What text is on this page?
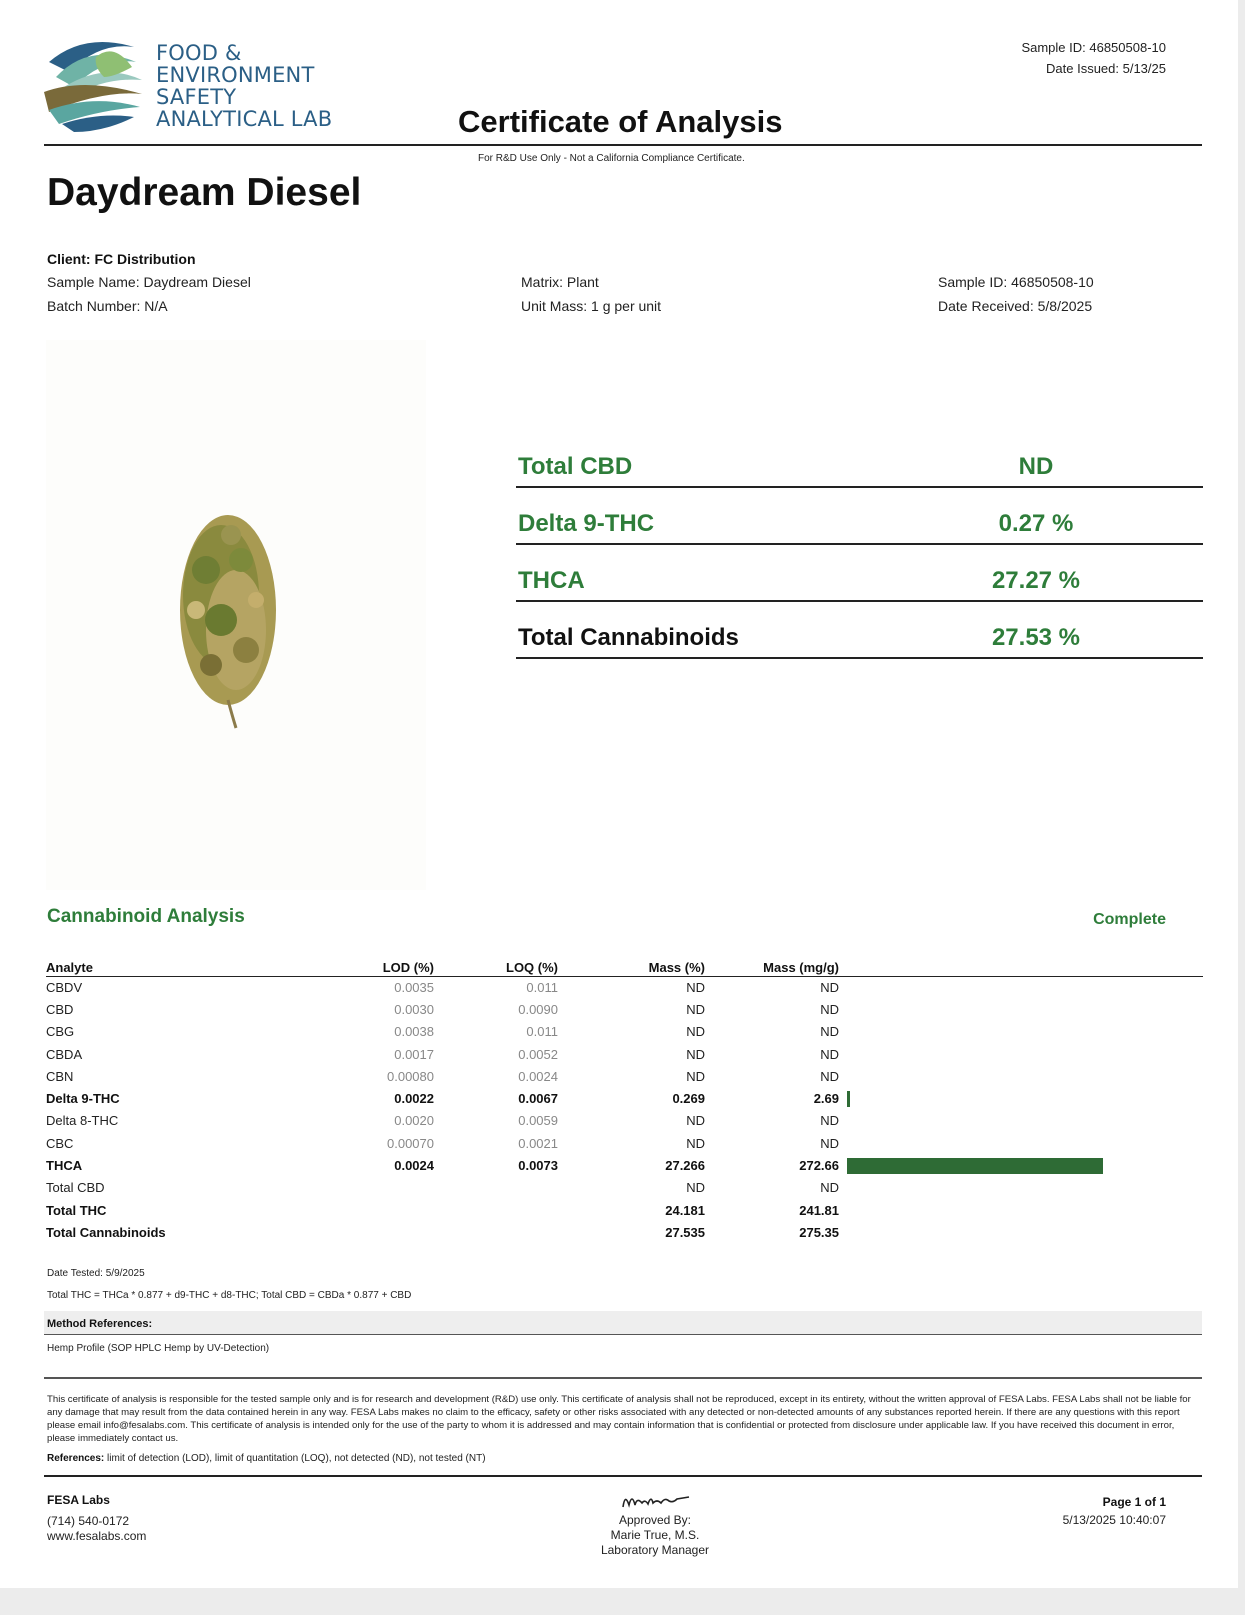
FOOD &
ENVIRONMENT
SAFETY
ANALYTICAL LAB
Sample ID: 46850508-10
Date Issued: 5/13/25
Certificate of Analysis
For R&D Use Only - Not a California Compliance Certificate.
Daydream Diesel
Client: FC Distribution
Sample Name: Daydream Diesel
Batch Number: N/A
Matrix: Plant
Unit Mass: 1 g per unit
Sample ID: 46850508-10
Date Received: 5/8/2025
Total CBD	ND
Delta 9-THC	0.27 %
THCA	27.27 %
Total Cannabinoids	27.53 %
Cannabinoid Analysis	Complete
Analyte	LOD (%)	LOQ (%)	Mass (%)	Mass (mg/g)	
CBDV	0.0035	0.011	ND	ND	
CBD	0.0030	0.0090	ND	ND	
CBG	0.0038	0.011	ND	ND	
CBDA	0.0017	0.0052	ND	ND	
CBN	0.00080	0.0024	ND	ND	
Delta 9-THC	0.0022	0.0067	0.269	2.69	
Delta 8-THC	0.0020	0.0059	ND	ND	
CBC	0.00070	0.0021	ND	ND	
THCA	0.0024	0.0073	27.266	272.66	
Total CBD			ND	ND	
Total THC			24.181	241.81	
Total Cannabinoids			27.535	275.35	
Date Tested: 5/9/2025
Total THC = THCa * 0.877 + d9-THC + d8-THC; Total CBD = CBDa * 0.877 + CBD
Method References:
Hemp Profile (SOP HPLC Hemp by UV-Detection)
This certificate of analysis is responsible for the tested sample only and is for research and development (R&D) use only. This certificate of analysis shall not be reproduced, except in its entirety, without the written approval of FESA Labs. FESA Labs shall not be liable for any damage that may result from the data contained herein in any way. FESA Labs makes no claim to the efficacy, safety or other risks associated with any detected or non-detected amounts of any substances reported herein. If there are any questions with this report please email info@fesalabs.com. This certificate of analysis is intended only for the use of the party to whom it is addressed and may contain information that is confidential or protected from disclosure under applicable law. If you have received this document in error, please immediately contact us.
References: limit of detection (LOD), limit of quantitation (LOQ), not detected (ND), not tested (NT)
FESA Labs
(714) 540-0172
www.fesalabs.com
Approved By:
Marie True, M.S.
Laboratory Manager
Page 1 of 1
5/13/2025 10:40:07
